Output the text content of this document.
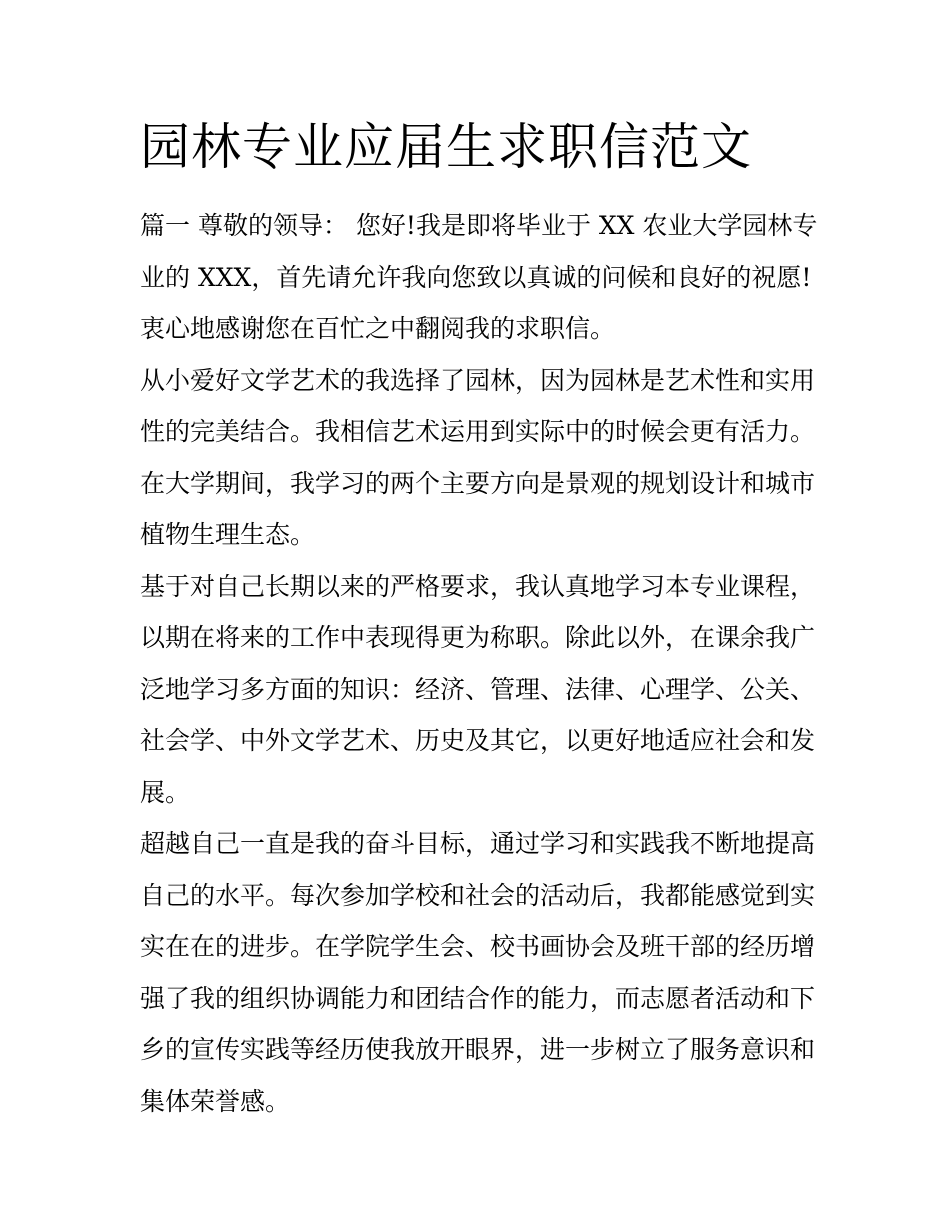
园林专业应届生求职信范文
篇一 尊敬的领导： 您好!我是即将毕业于 XX 农业大学园林专
业的 XXX，首先请允许我向您致以真诚的问候和良好的祝愿!
衷心地感谢您在百忙之中翻阅我的求职信。
从小爱好文学艺术的我选择了园林，因为园林是艺术性和实用
性的完美结合。我相信艺术运用到实际中的时候会更有活力。
在大学期间，我学习的两个主要方向是景观的规划设计和城市
植物生理生态。
基于对自己长期以来的严格要求，我认真地学习本专业课程，
以期在将来的工作中表现得更为称职。除此以外，在课余我广
泛地学习多方面的知识：经济、管理、法律、心理学、公关、
社会学、中外文学艺术、历史及其它，以更好地适应社会和发
展。
超越自己一直是我的奋斗目标，通过学习和实践我不断地提高
自己的水平。每次参加学校和社会的活动后，我都能感觉到实
实在在的进步。在学院学生会、校书画协会及班干部的经历增
强了我的组织协调能力和团结合作的能力，而志愿者活动和下
乡的宣传实践等经历使我放开眼界，进一步树立了服务意识和
集体荣誉感。
